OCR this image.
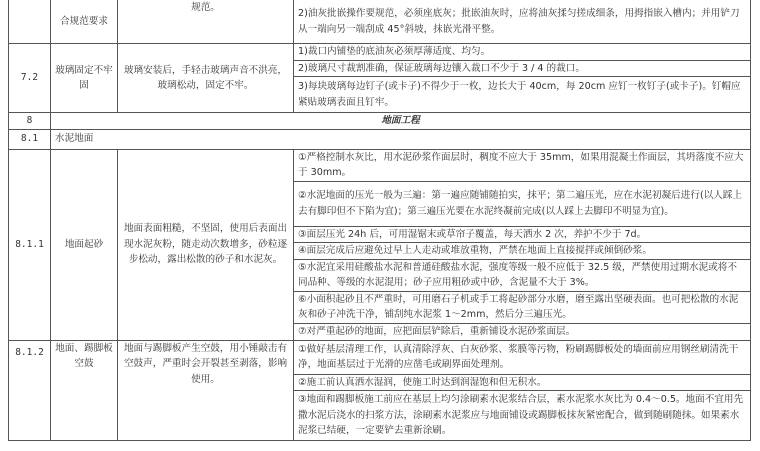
	合规范要求	规范。	2)油灰批嵌操作要规范，必须座底灰；批嵌油灰时，应将油灰揉匀搓成细条，用拇指嵌入槽内；并用铲刀从一端向另一端刮成 45°斜坡，抹嵌光滑平整。
7.2	玻璃固定不牢固	玻璃安装后，手轻击玻璃声音不洪亮，玻璃松动，固定不牢。	1)裁口内铺垫的底油灰必须厚薄适度、均匀。
			2)玻璃尺寸裁割准确，保证玻璃每边镶入裁口不少于 3 / 4 的裁口。
			3)每块玻璃每边钉子(或卡子)不得少于一枚，边长大于 40cm，每 20cm 应钉一枚钉子(或卡子)。钉帽应紧贴玻璃表面且钉牢。
8	地面工程		
8.1	水泥地面		
8.1.1	地面起砂	地面表面粗糙，不坚固，使用后表面出现水泥灰粉，随走动次数增多，砂粒逐步松动，露出松散的砂子和水泥灰。	①严格控制水灰比，用水泥砂浆作面层时，稠度不应大于 35mm，如果用混凝土作面层，其坍落度不应大于 30mm。
			②水泥地面的压光一般为三遍：第一遍应随铺随拍实，抹平；第二遍压光，应在水泥初凝后进行(以人踩上去有脚印但不下陷为宜)；第三遍压光要在水泥终凝前完成(以人踩上去脚印不明显为宜)。
			③面层压光 24h 后，可用湿锯末或草帘子覆盖，每天洒水 2 次，养护不少于 7d。
			④面层完成后应避免过早上人走动或堆放重物，严禁在地面上直接搅拌或倾倒砂浆。
			⑤水泥宜采用硅酸盐水泥和普通硅酸盐水泥，强度等级一般不应低于 32.5 级，严禁使用过期水泥或将不同品种、等级的水泥混用；砂子应用粗砂或中砂，含泥量不大于 3%。
			⑥小面积起砂且不严重时，可用磨石子机或手工将起砂部分水磨，磨至露出坚硬表面。也可把松散的水泥灰和砂子冲洗干净，铺刮纯水泥浆 1～2mm，然后分三遍压光。
			⑦对严重起砂的地面，应把面层铲除后，重新铺设水泥砂浆面层。
8.1.2	地面、踢脚板空鼓	地面与踢脚板产生空鼓，用小锤敲击有空鼓声，严重时会开裂甚至剥落，影响使用。	①做好基层清理工作，认真清除浮灰、白灰砂浆、浆膜等污物，粉刷踢脚板处的墙面前应用钢丝刷清洗干净，地面基层过于光滑的应凿毛或刷界面处理剂。
			②施工前认真洒水湿润，使施工时达到润湿饱和但无积水。
			③地面和踢脚板施工前应在基层上均匀涂刷素水泥浆结合层，素水泥浆水灰比为 0.4～0.5。地面不宜用先撒水泥后浇水的扫浆方法，涂刷素水泥浆应与地面铺设或踢脚板抹灰紧密配合，做到随刷随抹。如果素水泥浆已结硬，一定要铲去重新涂刷。
